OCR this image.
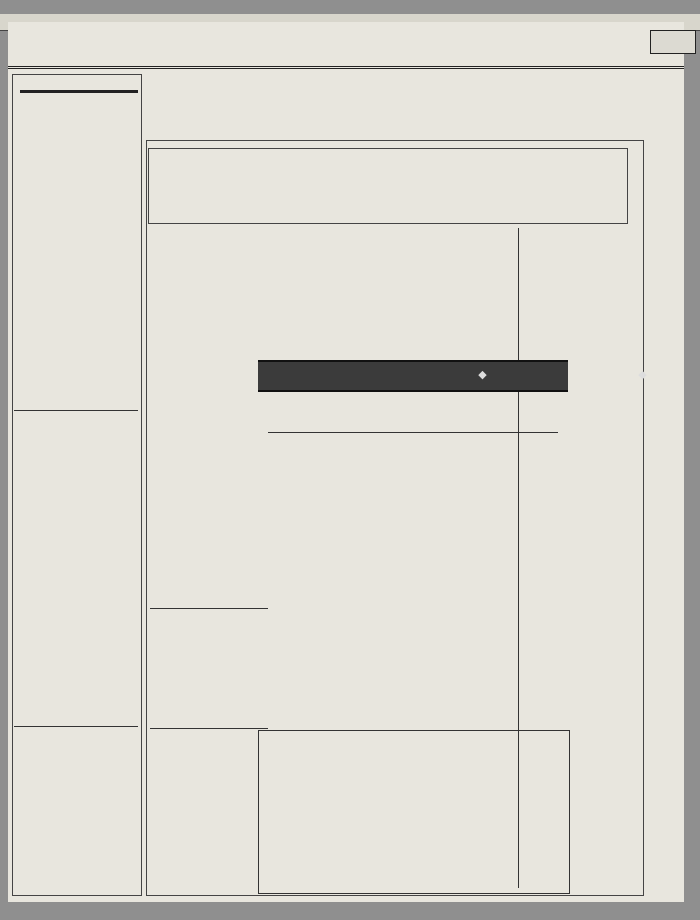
◆	◆
